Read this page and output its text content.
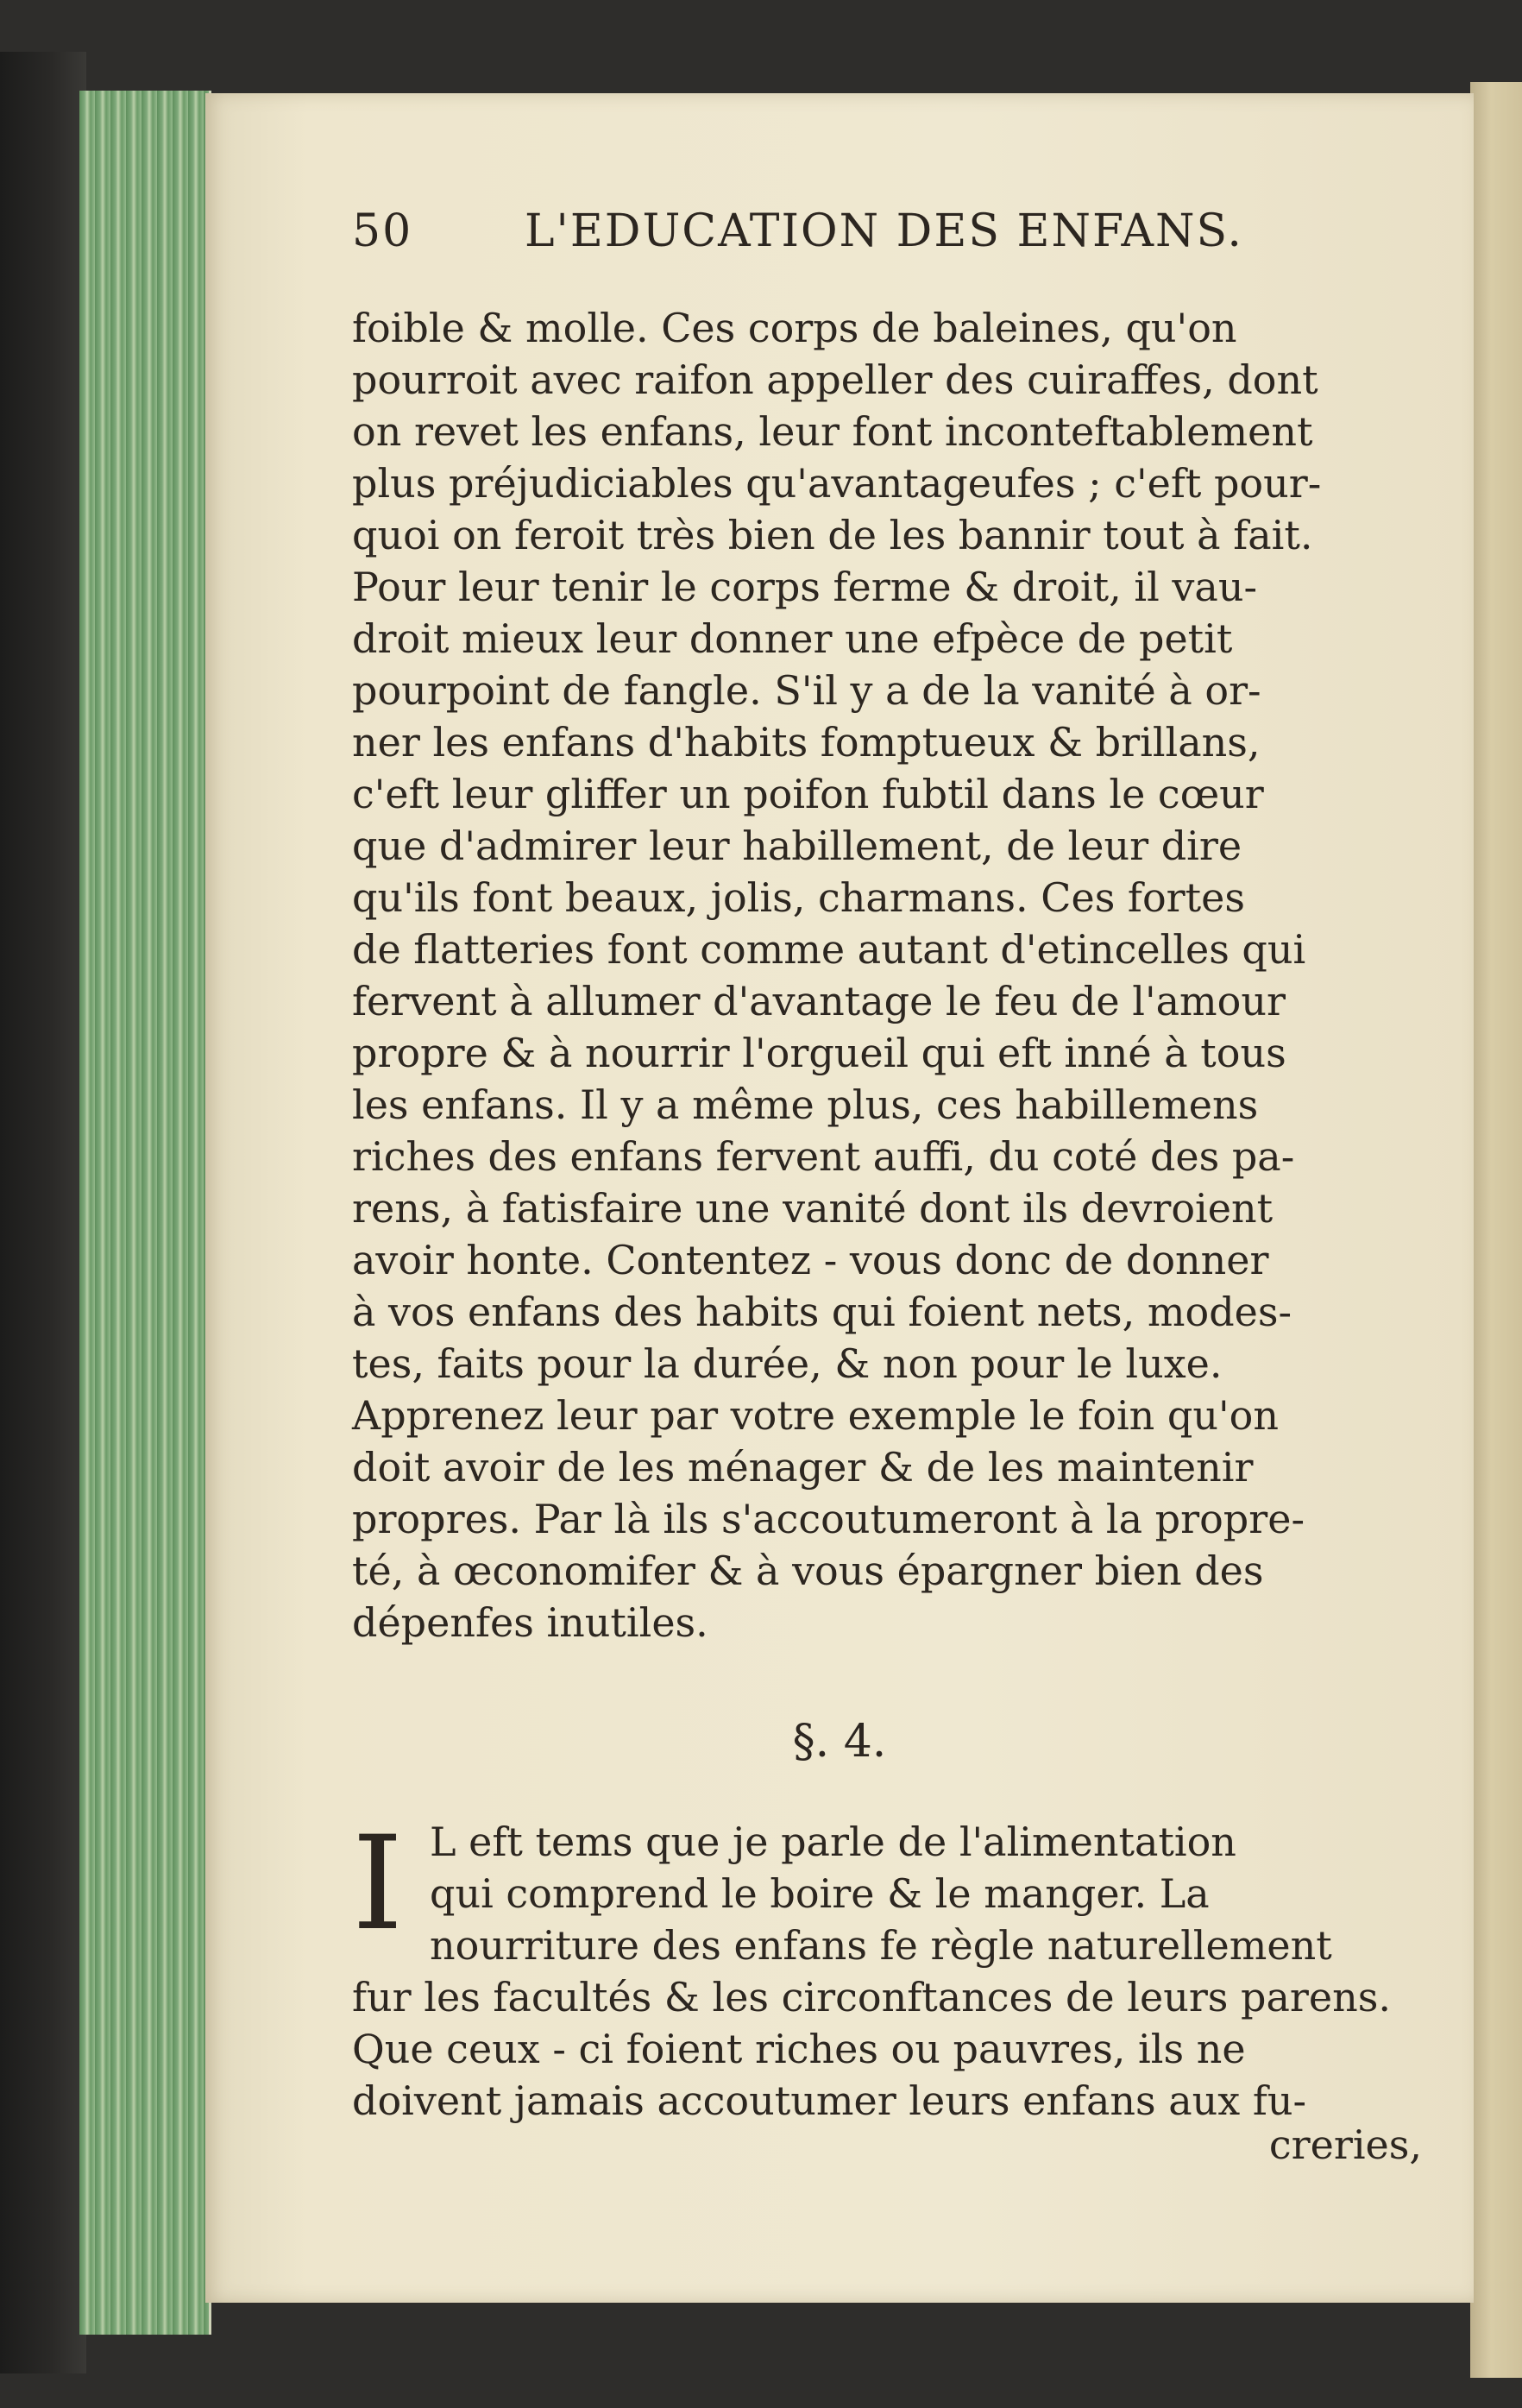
50 L'EDUCATION DES ENFANS.
foible & molle. Ces corps de baleines, qu'on
pourroit avec raifon appeller des cuiraffes, dont
on revet les enfans, leur font inconteftablement
plus préjudiciables qu'avantageufes ; c'eft pour-
quoi on feroit très bien de les bannir tout à fait.
Pour leur tenir le corps ferme & droit, il vau-
droit mieux leur donner une efpèce de petit
pourpoint de fangle. S'il y a de la vanité à or-
ner les enfans d'habits fomptueux & brillans,
c'eft leur gliffer un poifon fubtil dans le cœur
que d'admirer leur habillement, de leur dire
qu'ils font beaux, jolis, charmans. Ces fortes
de flatteries font comme autant d'etincelles qui
fervent à allumer d'avantage le feu de l'amour
propre & à nourrir l'orgueil qui eft inné à tous
les enfans. Il y a même plus, ces habillemens
riches des enfans fervent auffi, du coté des pa-
rens, à fatisfaire une vanité dont ils devroient
avoir honte. Contentez - vous donc de donner
à vos enfans des habits qui foient nets, modes-
tes, faits pour la durée, & non pour le luxe.
Apprenez leur par votre exemple le foin qu'on
doit avoir de les ménager & de les maintenir
propres. Par là ils s'accoutumeront à la propre-
té, à œconomifer & à vous épargner bien des
dépenfes inutiles.
§. 4.
I L eft tems que je parle de l'alimentation
qui comprend le boire & le manger. La
nourriture des enfans fe règle naturellement
fur les facultés & les circonftances de leurs parens.
Que ceux - ci foient riches ou pauvres, ils ne
doivent jamais accoutumer leurs enfans aux fu-
creries,
